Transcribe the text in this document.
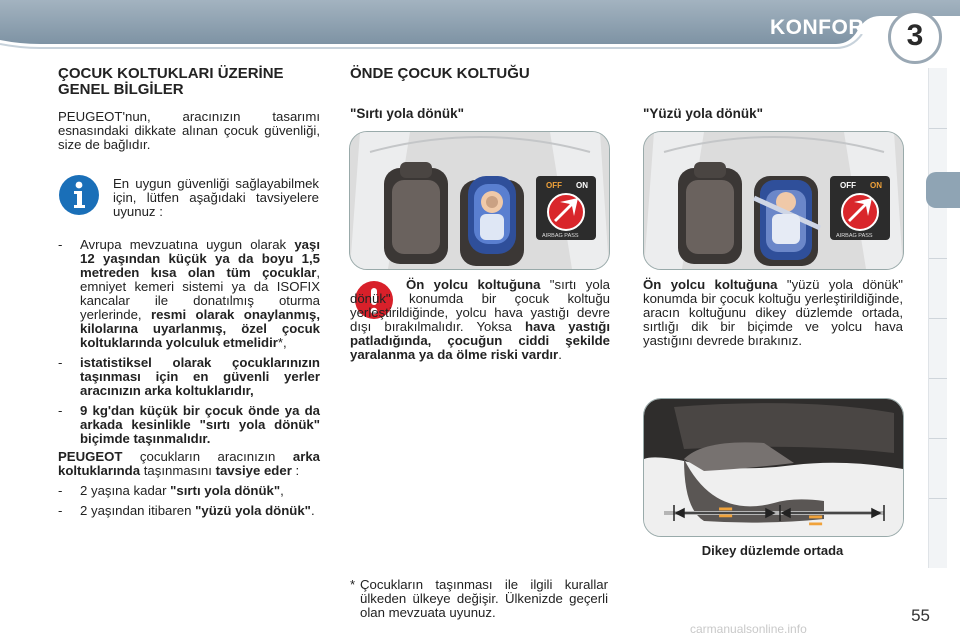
KONFOR	3
ÇOCUK KOLTUKLARI ÜZERİNE GENEL BİLGİLER
PEUGEOT'nun, aracınızın tasarımı esnasındaki dikkate alınan çocuk güvenliği, size de bağlıdır.
En uygun güvenliği sağlayabilmek için, lütfen aşağıdaki tavsiyelere uyunuz :
- Avrupa mevzuatına uygun olarak yaşı 12 yaşından küçük ya da boyu 1,5 metreden kısa olan tüm çocuklar, emniyet kemeri sistemi ya da ISOFIX kancalar ile donatılmış oturma yerlerinde, resmi olarak onaylanmış, kilolarına uyarlanmış, özel çocuk koltuklarında yolculuk etmelidir*,
- istatistiksel olarak çocuklarınızın taşınması için en güvenli yerler aracınızın arka koltuklarıdır,
- 9 kg'dan küçük bir çocuk önde ya da arkada kesinlikle "sırtı yola dönük" biçimde taşınmalıdır.
PEUGEOT çocukların aracınızın arka koltuklarında taşınmasını tavsiye eder :
- 2 yaşına kadar "sırtı yola dönük",
- 2 yaşından itibaren "yüzü yola dönük".
ÖNDE ÇOCUK KOLTUĞU
"Sırtı yola dönük"
OFF ON
AIRBAG PASS
Ön yolcu koltuğuna "sırtı yola dönük" konumda bir çocuk koltuğu yerleştirildiğinde, yolcu hava yastığı devre dışı bırakılmalıdır. Yoksa hava yastığı patladığında, çocuğun ciddi şekilde yaralanma ya da ölme riski vardır.
* Çocukların taşınması ile ilgili kurallar ülkeden ülkeye değişir. Ülkenizde geçerli olan mevzuata uyunuz.
"Yüzü yola dönük"
OFF ON
AIRBAG PASS
Ön yolcu koltuğuna "yüzü yola dönük" konumda bir çocuk koltuğu yerleştirildiğinde, aracın koltuğunu dikey düzlemde ortada, sırtlığı dik bir biçimde ve yolcu hava yastığını devrede bırakınız.
=	=
Dikey düzlemde ortada
55
carmanualsonline.info
